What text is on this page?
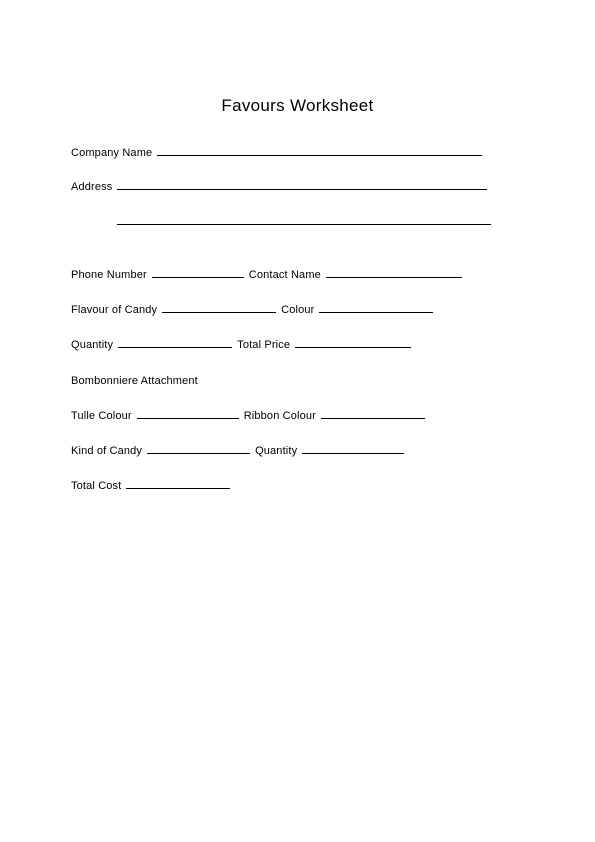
Favours Worksheet
Company Name
Address
Phone Number	Contact Name
Flavour of Candy	Colour
Quantity	Total Price
Bombonniere Attachment
Tulle Colour	Ribbon Colour
Kind of Candy	Quantity
Total Cost
